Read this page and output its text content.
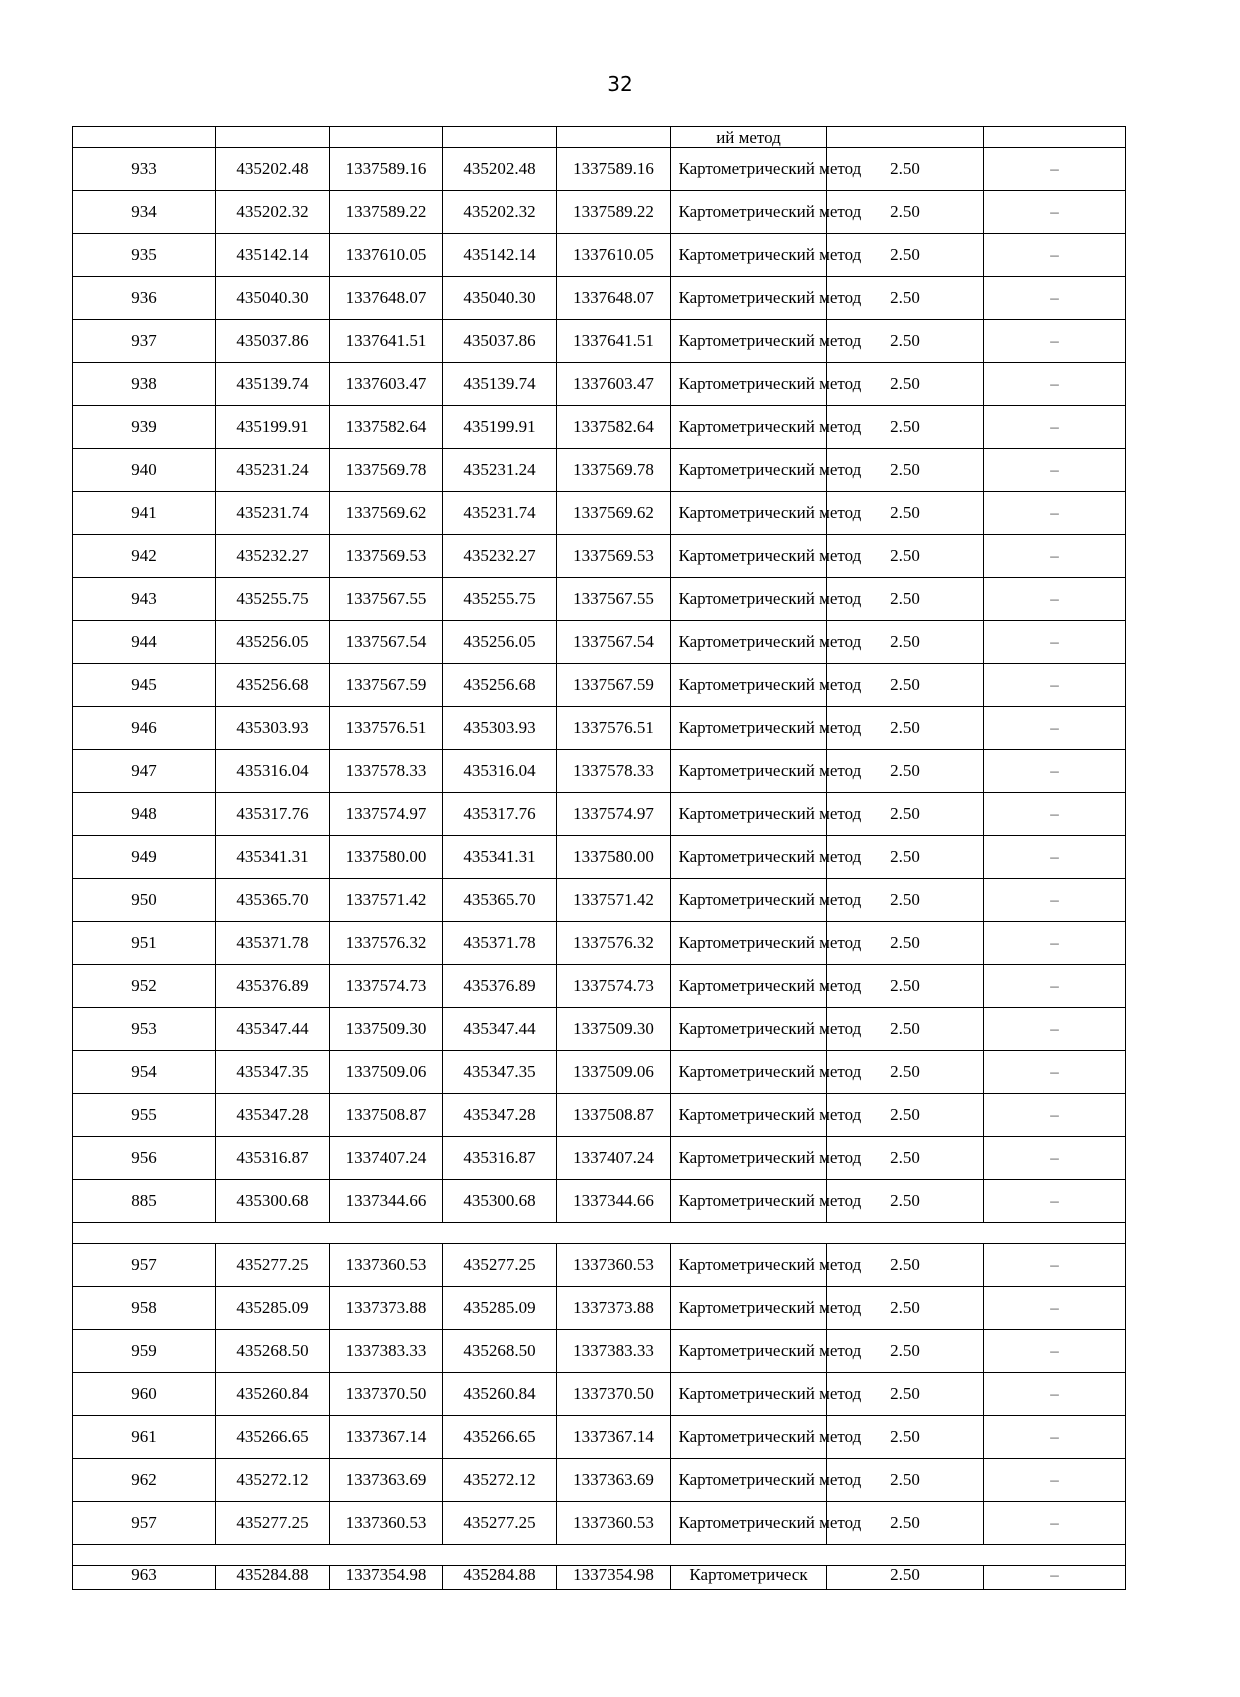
32
					ий метод		
933	435202.48	1337589.16	435202.48	1337589.16	Картометрический метод	2.50	–
934	435202.32	1337589.22	435202.32	1337589.22	Картометрический метод	2.50	–
935	435142.14	1337610.05	435142.14	1337610.05	Картометрический метод	2.50	–
936	435040.30	1337648.07	435040.30	1337648.07	Картометрический метод	2.50	–
937	435037.86	1337641.51	435037.86	1337641.51	Картометрический метод	2.50	–
938	435139.74	1337603.47	435139.74	1337603.47	Картометрический метод	2.50	–
939	435199.91	1337582.64	435199.91	1337582.64	Картометрический метод	2.50	–
940	435231.24	1337569.78	435231.24	1337569.78	Картометрический метод	2.50	–
941	435231.74	1337569.62	435231.74	1337569.62	Картометрический метод	2.50	–
942	435232.27	1337569.53	435232.27	1337569.53	Картометрический метод	2.50	–
943	435255.75	1337567.55	435255.75	1337567.55	Картометрический метод	2.50	–
944	435256.05	1337567.54	435256.05	1337567.54	Картометрический метод	2.50	–
945	435256.68	1337567.59	435256.68	1337567.59	Картометрический метод	2.50	–
946	435303.93	1337576.51	435303.93	1337576.51	Картометрический метод	2.50	–
947	435316.04	1337578.33	435316.04	1337578.33	Картометрический метод	2.50	–
948	435317.76	1337574.97	435317.76	1337574.97	Картометрический метод	2.50	–
949	435341.31	1337580.00	435341.31	1337580.00	Картометрический метод	2.50	–
950	435365.70	1337571.42	435365.70	1337571.42	Картометрический метод	2.50	–
951	435371.78	1337576.32	435371.78	1337576.32	Картометрический метод	2.50	–
952	435376.89	1337574.73	435376.89	1337574.73	Картометрический метод	2.50	–
953	435347.44	1337509.30	435347.44	1337509.30	Картометрический метод	2.50	–
954	435347.35	1337509.06	435347.35	1337509.06	Картометрический метод	2.50	–
955	435347.28	1337508.87	435347.28	1337508.87	Картометрический метод	2.50	–
956	435316.87	1337407.24	435316.87	1337407.24	Картометрический метод	2.50	–
885	435300.68	1337344.66	435300.68	1337344.66	Картометрический метод	2.50	–

957	435277.25	1337360.53	435277.25	1337360.53	Картометрический метод	2.50	–
958	435285.09	1337373.88	435285.09	1337373.88	Картометрический метод	2.50	–
959	435268.50	1337383.33	435268.50	1337383.33	Картометрический метод	2.50	–
960	435260.84	1337370.50	435260.84	1337370.50	Картометрический метод	2.50	–
961	435266.65	1337367.14	435266.65	1337367.14	Картометрический метод	2.50	–
962	435272.12	1337363.69	435272.12	1337363.69	Картометрический метод	2.50	–
957	435277.25	1337360.53	435277.25	1337360.53	Картометрический метод	2.50	–

963	435284.88	1337354.98	435284.88	1337354.98	Картометрическ	2.50	–
